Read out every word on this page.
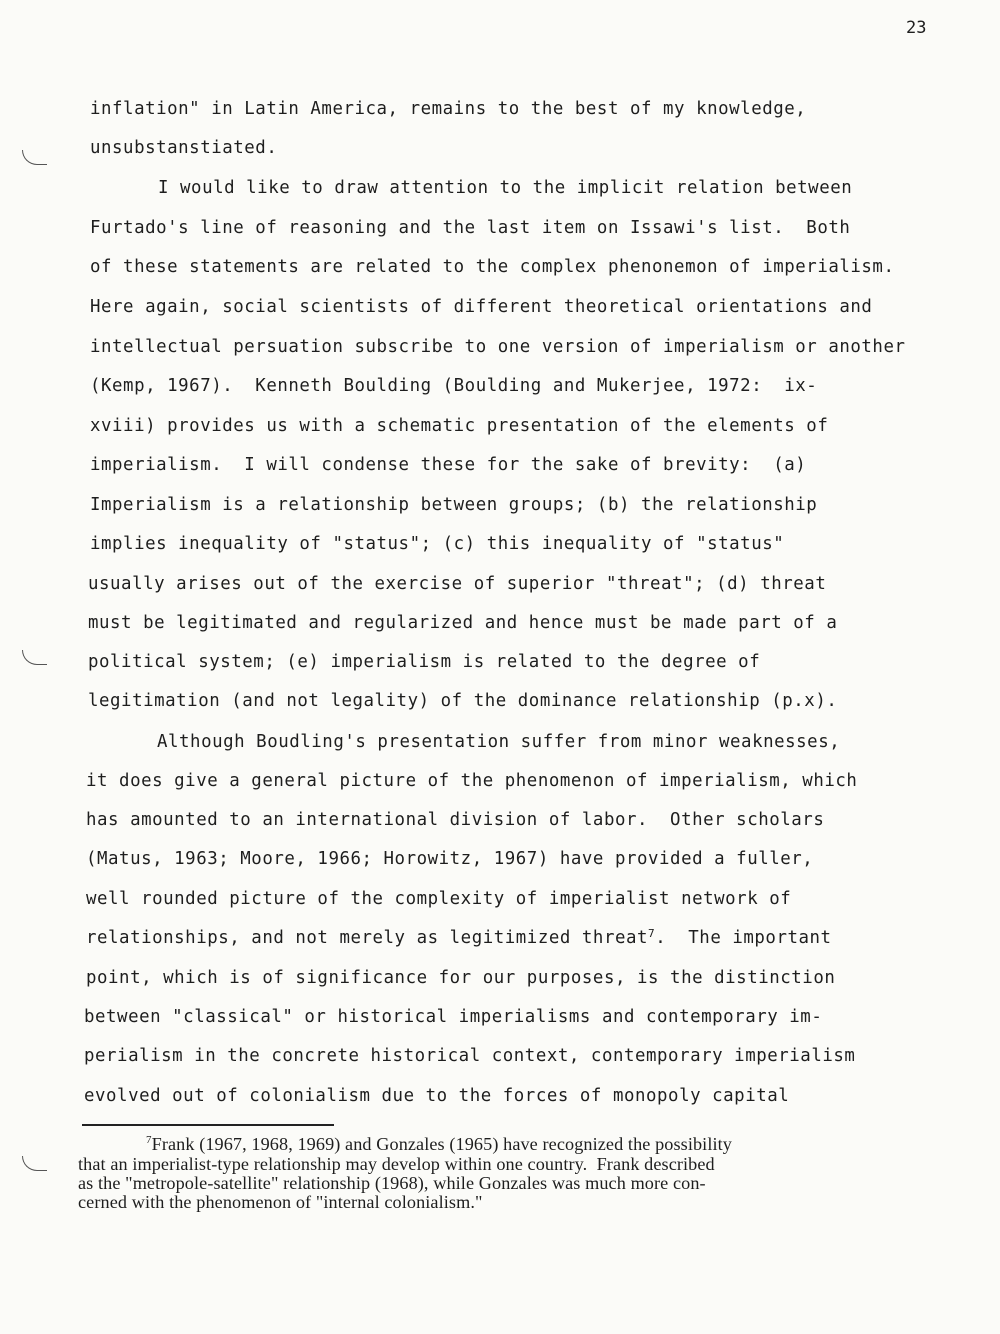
23
inflation" in Latin America, remains to the best of my knowledge,
unsubstanstiated.
I would like to draw attention to the implicit relation between
Furtado's line of reasoning and the last item on Issawi's list.  Both
of these statements are related to the complex phenonemon of imperialism.
Here again, social scientists of different theoretical orientations and
intellectual persuation subscribe to one version of imperialism or another
(Kemp, 1967).  Kenneth Boulding (Boulding and Mukerjee, 1972:  ix-
xviii) provides us with a schematic presentation of the elements of
imperialism.  I will condense these for the sake of brevity:  (a)
Imperialism is a relationship between groups; (b) the relationship
implies inequality of "status"; (c) this inequality of "status"
usually arises out of the exercise of superior "threat"; (d) threat
must be legitimated and regularized and hence must be made part of a
political system; (e) imperialism is related to the degree of
legitimation (and not legality) of the dominance relationship (p.x).
Although Boudling's presentation suffer from minor weaknesses,
it does give a general picture of the phenomenon of imperialism, which
has amounted to an international division of labor.  Other scholars
(Matus, 1963; Moore, 1966; Horowitz, 1967) have provided a fuller,
well rounded picture of the complexity of imperialist network of
relationships, and not merely as legitimized threat$^7$.  The important
point, which is of significance for our purposes, is the distinction
between "classical" or historical imperialisms and contemporary im-
perialism in the concrete historical context, contemporary imperialism
evolved out of colonialism due to the forces of monopoly capital
$^7$Frank (1967, 1968, 1969) and Gonzales (1965) have recognized the possibility
that an imperialist-type relationship may develop within one country.  Frank described
as the "metropole-satellite" relationship (1968), while Gonzales was much more con-
cerned with the phenomenon of "internal colonialism."
